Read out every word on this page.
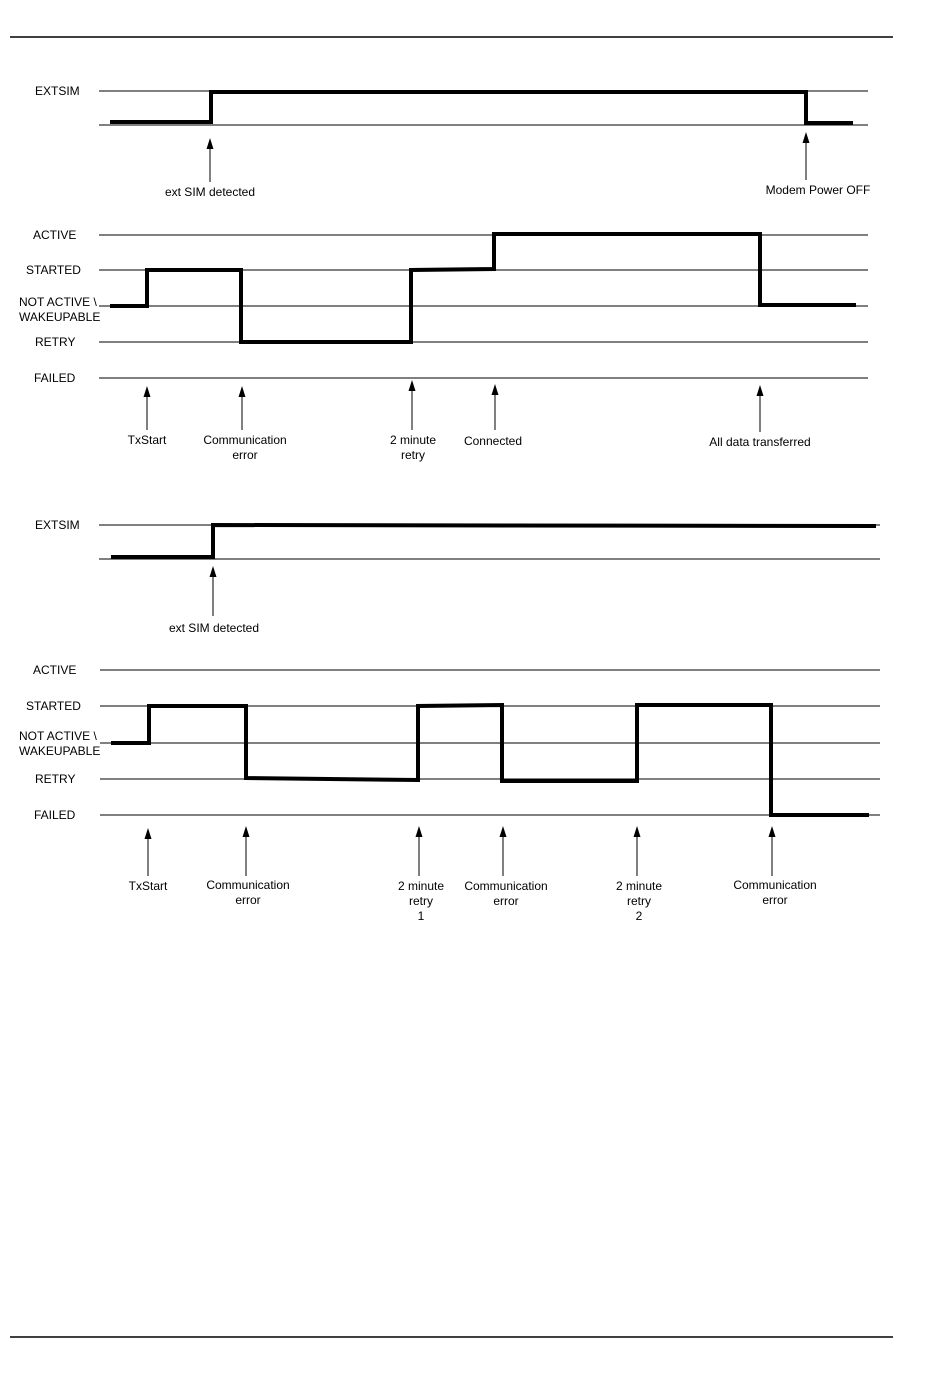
EXTSIM
ext SIM detected	Modem Power OFF
ACTIVE
STARTED
NOT ACTIVE \ WAKEUPABLE
RETRY
FAILED
TxStart	Communication error
2 minute retry
Connected	All data transferred
EXTSIM
ext SIM detected
ACTIVE
STARTED
NOT ACTIVE \ WAKEUPABLE
RETRY
FAILED
TxStart	Communication error
2 minute retry 1
Communication error
2 minute retry 2
Communication error
